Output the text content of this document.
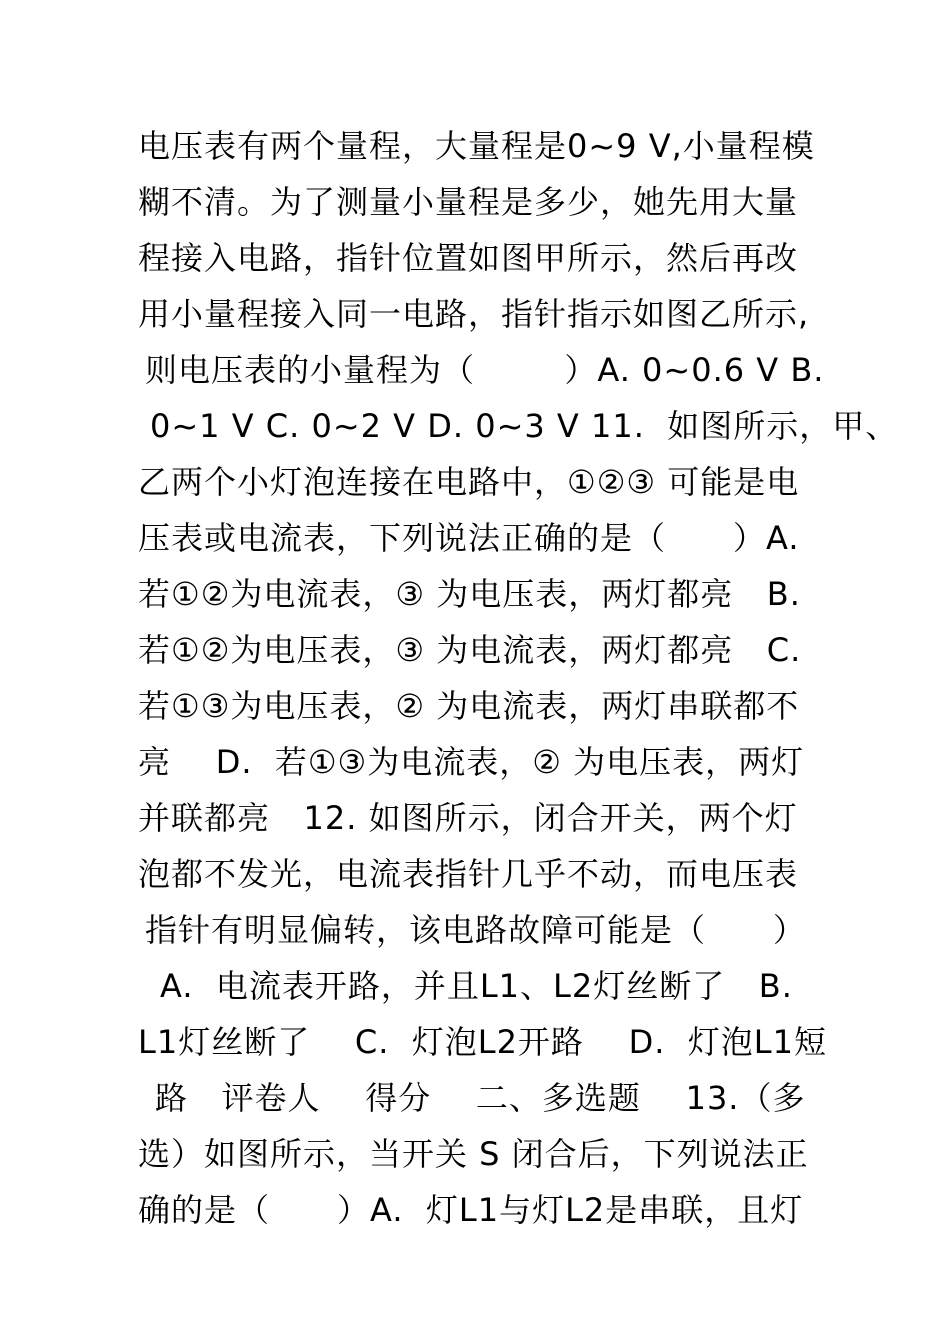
电压表有两个量程，大量程是0~9 V,小量程模
糊不清。为了测量小量程是多少，她先用大量
程接入电路，指针位置如图甲所示，然后再改
用小量程接入同一电路，指针指示如图乙所示,
则电压表的小量程为（        ）A. 0~0.6 V B.
0~1 V C. 0~2 V D. 0~3 V 11.  如图所示，甲、
乙两个小灯泡连接在电路中，①②③ 可能是电
压表或电流表，下列说法正确的是（      ）A.
若①②为电流表，③ 为电压表，两灯都亮   B.
若①②为电压表，③ 为电流表，两灯都亮   C.
若①③为电压表，② 为电流表，两灯串联都不
亮    D.  若①③为电流表，② 为电压表，两灯
并联都亮   12. 如图所示，闭合开关，两个灯
泡都不发光，电流表指针几乎不动，而电压表
指针有明显偏转，该电路故障可能是（      ）
A.  电流表开路，并且L1、L2灯丝断了   B.
L1灯丝断了    C.  灯泡L2开路    D.  灯泡L1短
路   评卷人    得分    二、多选题    13.（多
选）如图所示，当开关 S 闭合后，下列说法正
确的是（      ）A.  灯L1与灯L2是串联，且灯
